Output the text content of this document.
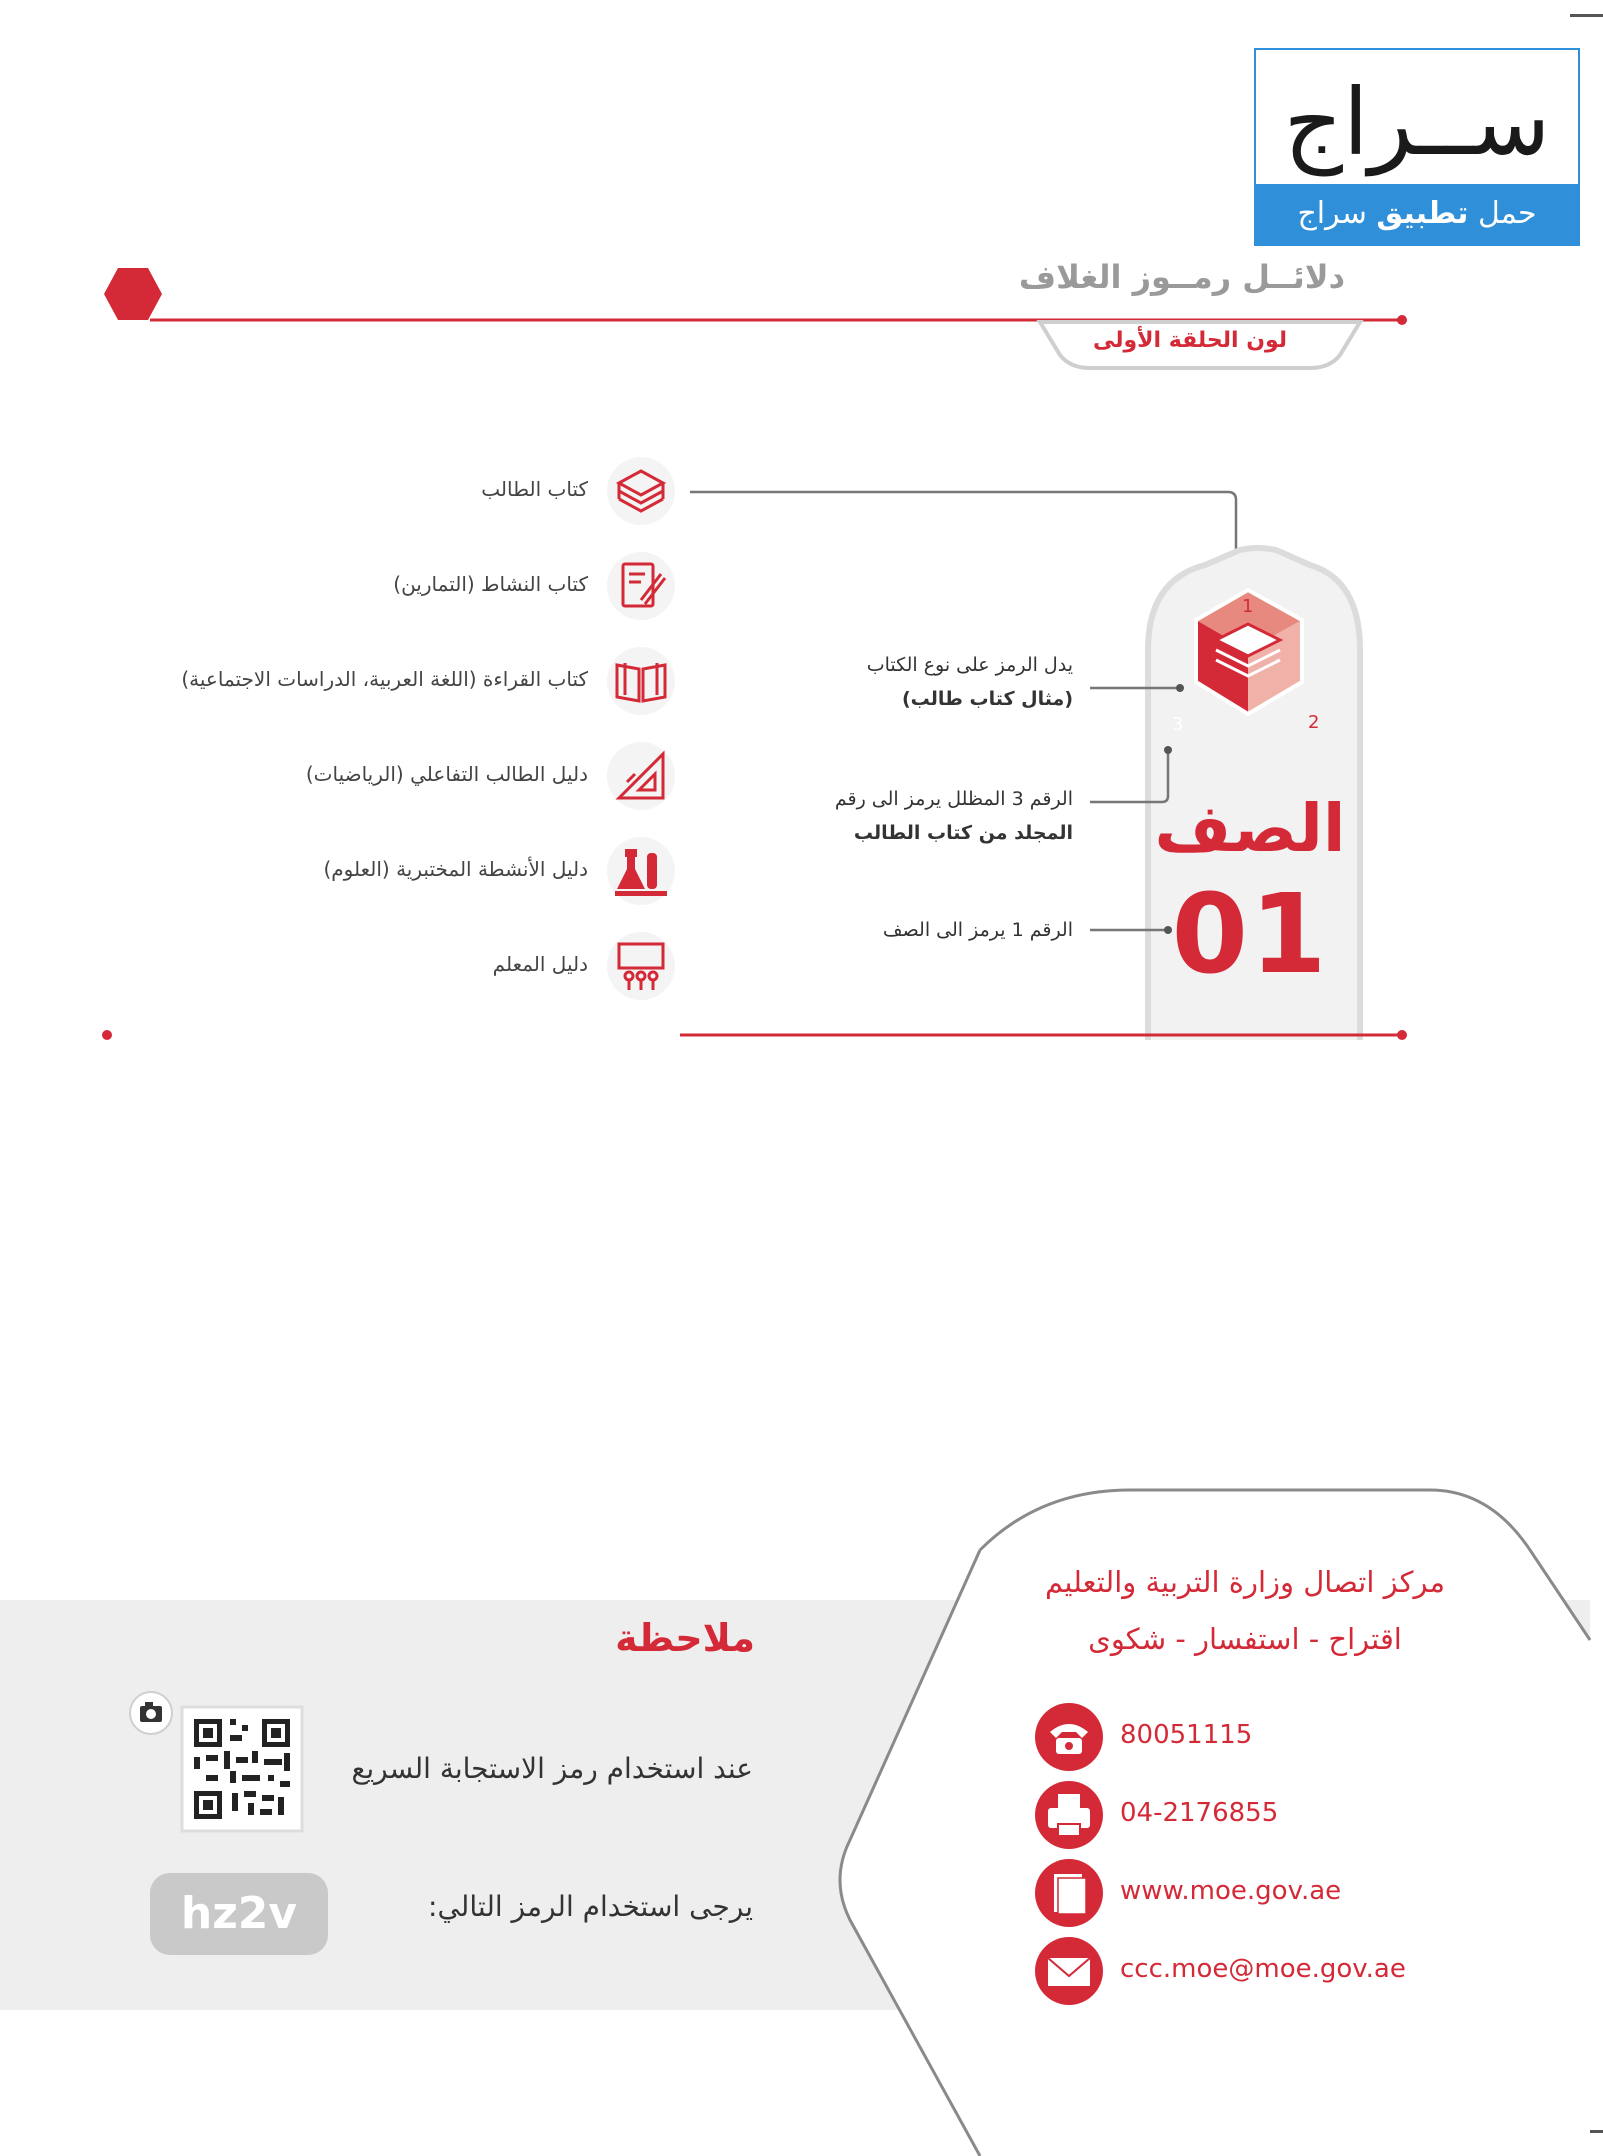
ســراج
حمل تطبيق سراج
دلائــل رمــوز الغلاف
لون الحلقة الأولى
كتاب الطالب
كتاب النشاط (التمارين)
كتاب القراءة (اللغة العربية، الدراسات الاجتماعية)
دليل الطالب التفاعلي (الرياضيات)
دليل الأنشطة المختبرية (العلوم)
دليل المعلم
1
2
3
الصف
01
يدل الرمز على نوع الكتاب
(مثال كتاب طالب)
الرقم 3 المظلل يرمز الى رقم
المجلد من كتاب الطالب
الرقم 1 يرمز الى الصف
مركز اتصال وزارة التربية والتعليم
اقتراح - استفسار - شكوى
80051115
04-2176855
www.moe.gov.ae
ccc.moe@moe.gov.ae
ملاحظة
عند استخدام رمز الاستجابة السريع
يرجى استخدام الرمز التالي:
hz2v
